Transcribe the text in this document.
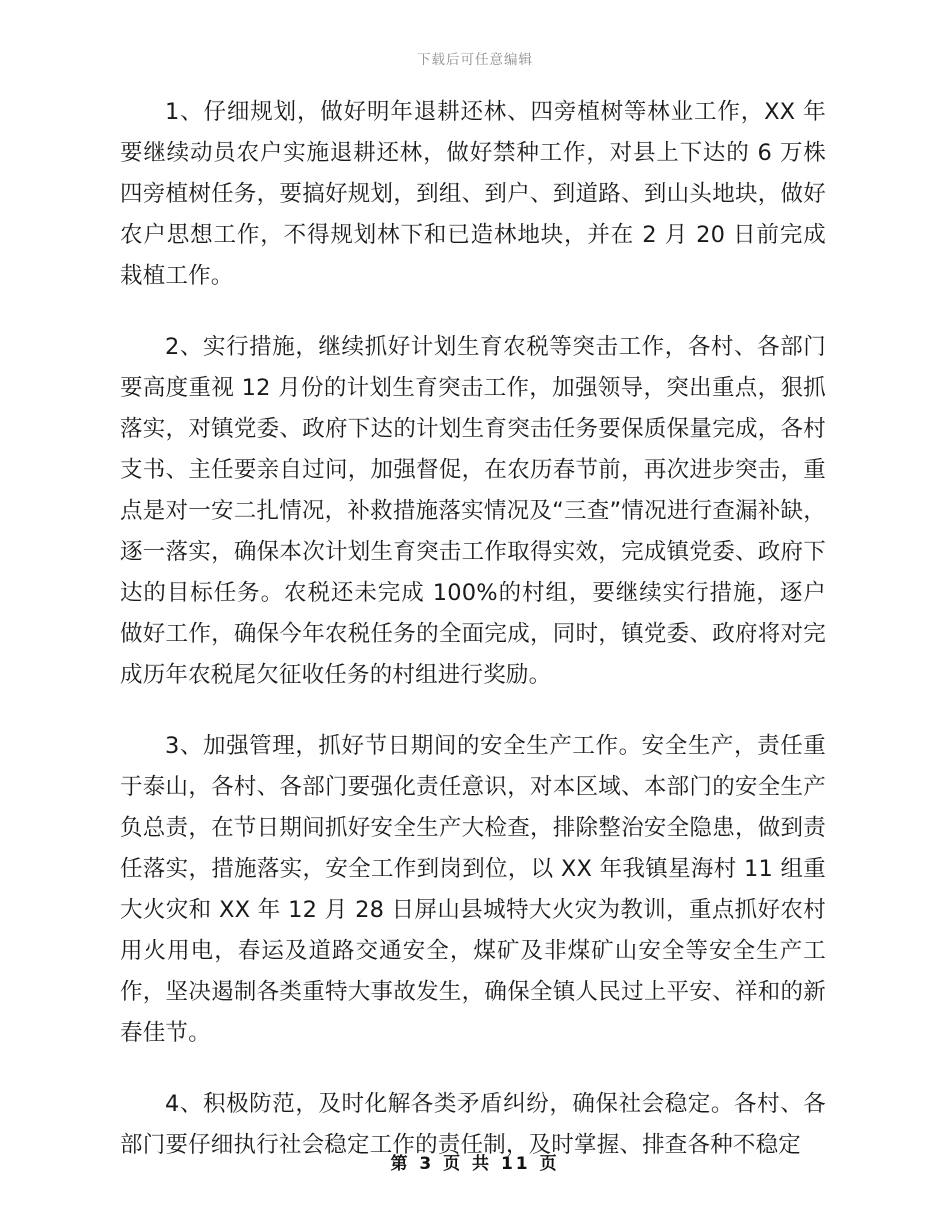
下载后可任意编辑

1、仔细规划，做好明年退耕还林、四旁植树等林业工作，XX 年要继续动员农户实施退耕还林，做好禁种工作，对县上下达的 6 万株四旁植树任务，要搞好规划，到组、到户、到道路、到山头地块，做好农户思想工作，不得规划林下和已造林地块，并在 2 月 20 日前完成栽植工作。

2、实行措施，继续抓好计划生育农税等突击工作，各村、各部门要高度重视 12 月份的计划生育突击工作，加强领导，突出重点，狠抓落实，对镇党委、政府下达的计划生育突击任务要保质保量完成，各村支书、主任要亲自过问，加强督促，在农历春节前，再次进步突击，重点是对一安二扎情况，补救措施落实情况及“三查”情况进行查漏补缺，逐一落实，确保本次计划生育突击工作取得实效，完成镇党委、政府下达的目标任务。农税还未完成 100%的村组，要继续实行措施，逐户做好工作，确保今年农税任务的全面完成，同时，镇党委、政府将对完成历年农税尾欠征收任务的村组进行奖励。

3、加强管理，抓好节日期间的安全生产工作。安全生产，责任重于泰山，各村、各部门要强化责任意识，对本区域、本部门的安全生产负总责，在节日期间抓好安全生产大检查，排除整治安全隐患，做到责任落实，措施落实，安全工作到岗到位，以 XX 年我镇星海村 11 组重大火灾和 XX 年 12 月 28 日屏山县城特大火灾为教训，重点抓好农村用火用电，春运及道路交通安全，煤矿及非煤矿山安全等安全生产工作，坚决遏制各类重特大事故发生，确保全镇人民过上平安、祥和的新春佳节。

4、积极防范，及时化解各类矛盾纠纷，确保社会稳定。各村、各部门要仔细执行社会稳定工作的责任制，及时掌握、排查各种不稳定

第 3 页 共 11 页
